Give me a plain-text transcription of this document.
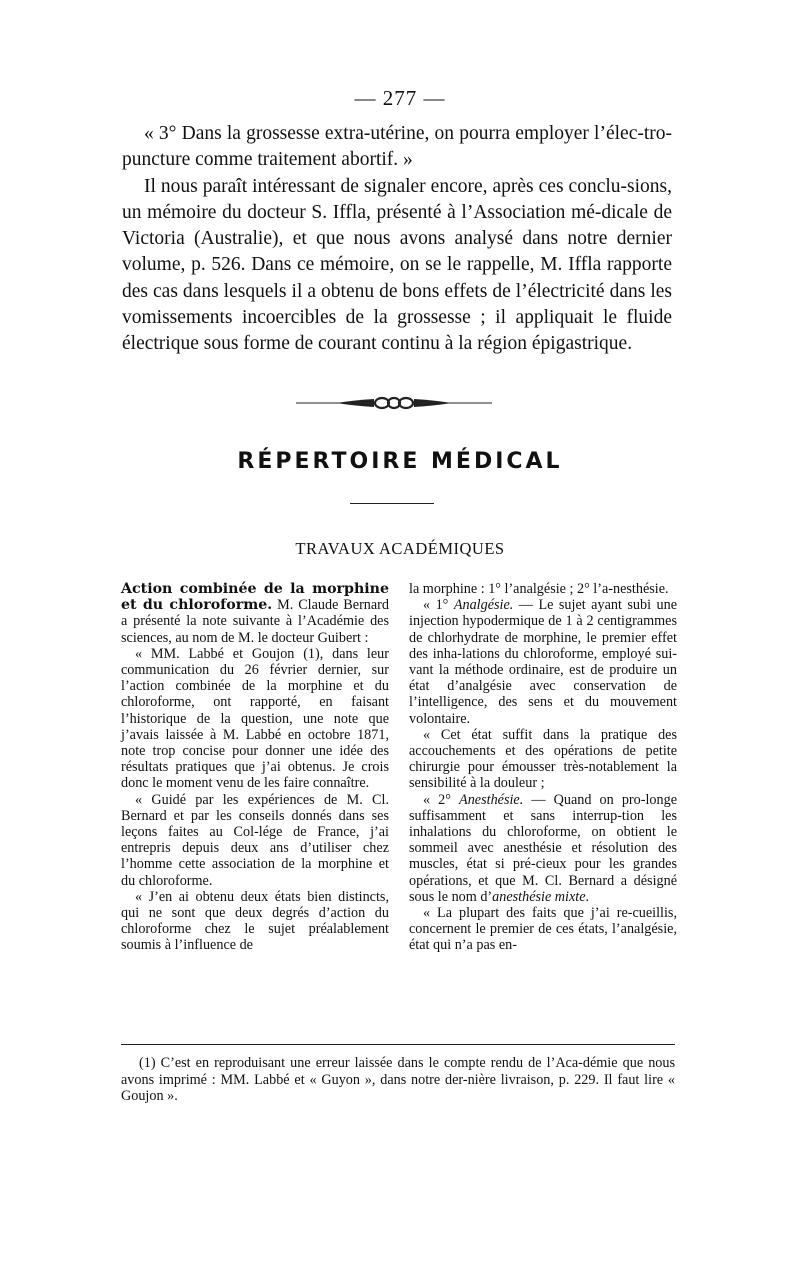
— 277 —

« 3° Dans la grossesse extra-utérine, on pourra employer l’élec-tro-puncture comme traitement abortif. »

Il nous paraît intéressant de signaler encore, après ces conclu-sions, un mémoire du docteur S. Iffla, présenté à l’Association mé-dicale de Victoria (Australie), et que nous avons analysé dans notre dernier volume, p. 526. Dans ce mémoire, on se le rappelle, M. Iffla rapporte des cas dans lesquels il a obtenu de bons effets de l’électricité dans les vomissements incoercibles de la grossesse ; il appliquait le fluide électrique sous forme de courant continu à la région épigastrique.

RÉPERTOIRE MÉDICAL
TRAVAUX ACADÉMIQUES

Action combinée de la morphine et du chloroforme. M. Claude Bernard a présenté la note suivante à l’Académie des sciences, au nom de M. le docteur Guibert :

« MM. Labbé et Goujon (1), dans leur communication du 26 février dernier, sur l’action combinée de la morphine et du chloroforme, ont rapporté, en faisant l’historique de la question, une note que j’avais laissée à M. Labbé en octobre 1871, note trop concise pour donner une idée des résultats pratiques que j’ai obtenus. Je crois donc le moment venu de les faire connaître.

« Guidé par les expériences de M. Cl. Bernard et par les conseils donnés dans ses leçons faites au Col-lége de France, j’ai entrepris depuis deux ans d’utiliser chez l’homme cette association de la morphine et du chloroforme.

« J’en ai obtenu deux états bien distincts, qui ne sont que deux degrés d’action du chloroforme chez le sujet préalablement soumis à l’influence de

la morphine : 1° l’analgésie ; 2° l’a-nesthésie.

« 1° Analgésie. — Le sujet ayant subi une injection hypodermique de 1 à 2 centigrammes de chlorhydrate de morphine, le premier effet des inha-lations du chloroforme, employé sui-vant la méthode ordinaire, est de produire un état d’analgésie avec conservation de l’intelligence, des sens et du mouvement volontaire.

« Cet état suffit dans la pratique des accouchements et des opérations de petite chirurgie pour émousser très-notablement la sensibilité à la douleur ;

« 2° Anesthésie. — Quand on pro-longe suffisamment et sans interrup-tion les inhalations du chloroforme, on obtient le sommeil avec anesthésie et résolution des muscles, état si pré-cieux pour les grandes opérations, et que M. Cl. Bernard a désigné sous le nom d’anesthésie mixte.

« La plupart des faits que j’ai re-cueillis, concernent le premier de ces états, l’analgésie, état qui n’a pas en-

(1) C’est en reproduisant une erreur laissée dans le compte rendu de l’Aca-démie que nous avons imprimé : MM. Labbé et « Guyon », dans notre der-nière livraison, p. 229. Il faut lire « Goujon ».
